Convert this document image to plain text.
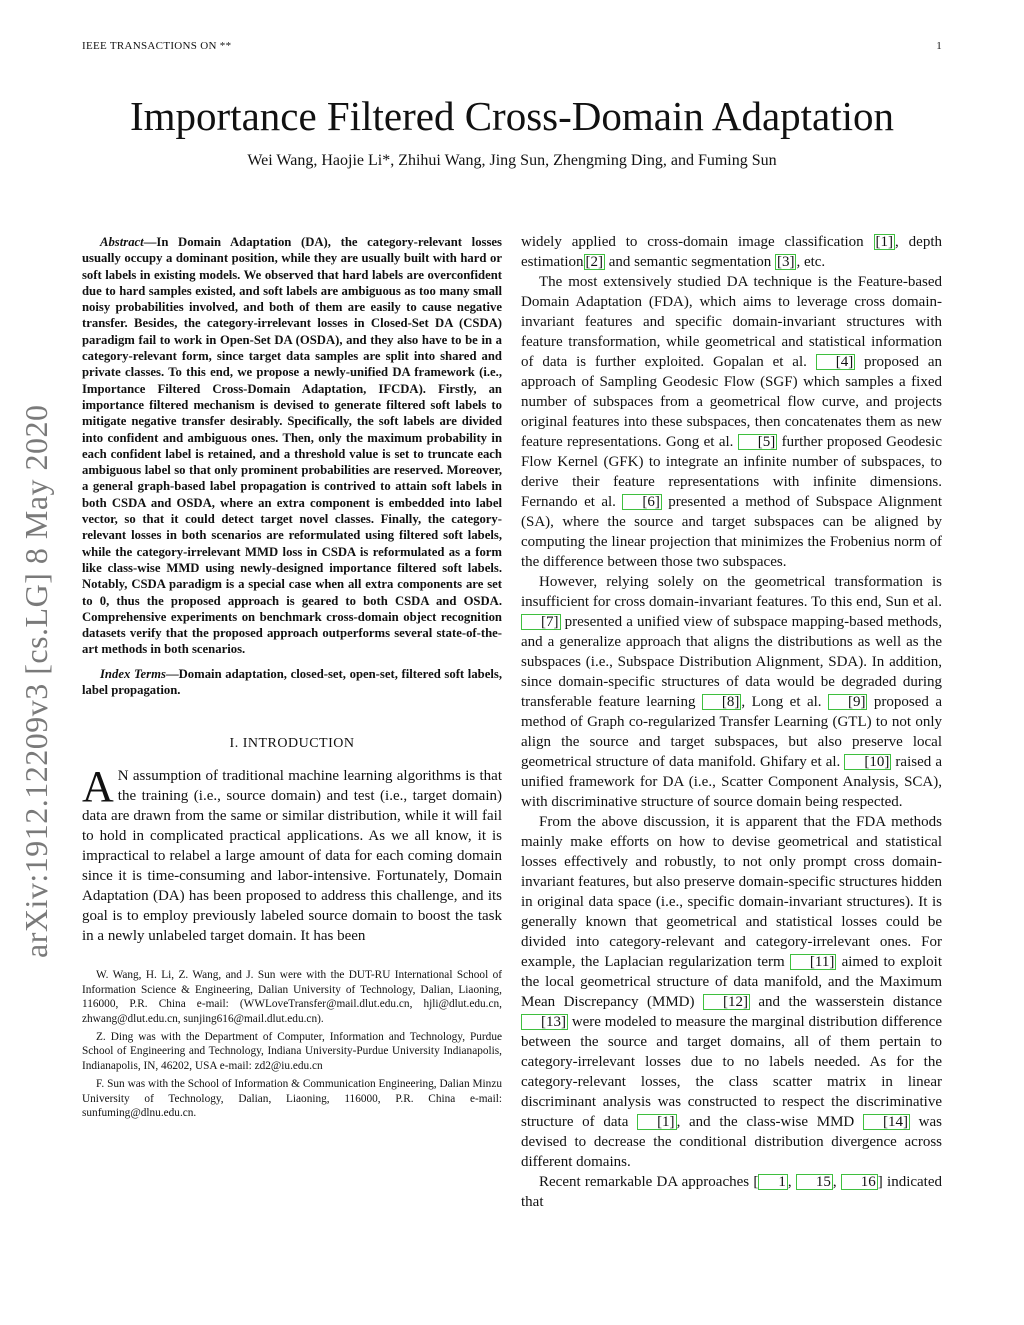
IEEE TRANSACTIONS ON **	1
Importance Filtered Cross-Domain Adaptation
Wei Wang, Haojie Li*, Zhihui Wang, Jing Sun, Zhengming Ding, and Fuming Sun
arXiv:1912.12209v3 [cs.LG] 8 May 2020

Abstract—In Domain Adaptation (DA), the category-relevant losses usually occupy a dominant position, while they are usually built with hard or soft labels in existing models. We observed that hard labels are overconfident due to hard samples existed, and soft labels are ambiguous as too many small noisy probabilities involved, and both of them are easily to cause negative transfer. Besides, the category-irrelevant losses in Closed-Set DA (CSDA) paradigm fail to work in Open-Set DA (OSDA), and they also have to be in a category-relevant form, since target data samples are split into shared and private classes. To this end, we propose a newly-unified DA framework (i.e., Importance Filtered Cross-Domain Adaptation, IFCDA). Firstly, an importance filtered mechanism is devised to generate filtered soft labels to mitigate negative transfer desirably. Specifically, the soft labels are divided into confident and ambiguous ones. Then, only the maximum probability in each confident label is retained, and a threshold value is set to truncate each ambiguous label so that only prominent probabilities are reserved. Moreover, a general graph-based label propagation is contrived to attain soft labels in both CSDA and OSDA, where an extra component is embedded into label vector, so that it could detect target novel classes. Finally, the category-relevant losses in both scenarios are reformulated using filtered soft labels, while the category-irrelevant MMD loss in CSDA is reformulated as a form like class-wise MMD using newly-designed importance filtered soft labels. Notably, CSDA paradigm is a special case when all extra components are set to 0, thus the proposed approach is geared to both CSDA and OSDA. Comprehensive experiments on benchmark cross-domain object recognition datasets verify that the proposed approach outperforms several state-of-the-art methods in both scenarios.

Index Terms—Domain adaptation, closed-set, open-set, filtered soft labels, label propagation.

I. INTRODUCTION

A N assumption of traditional machine learning algorithms is that the training (i.e., source domain) and test (i.e., target domain) data are drawn from the same or similar distribution, while it will fail to hold in complicated practical applications. As we all know, it is impractical to relabel a large amount of data for each coming domain since it is time-consuming and labor-intensive. Fortunately, Domain Adaptation (DA) has been proposed to address this challenge, and its goal is to employ previously labeled source domain to boost the task in a newly unlabeled target domain. It has been

W. Wang, H. Li, Z. Wang, and J. Sun were with the DUT-RU International School of Information Science & Engineering, Dalian University of Technology, Dalian, Liaoning, 116000, P.R. China e-mail: (WWLoveTransfer@mail.dlut.edu.cn, hjli@dlut.edu.cn, zhwang@dlut.edu.cn, sunjing616@mail.dlut.edu.cn).

Z. Ding was with the Department of Computer, Information and Technology, Purdue School of Engineering and Technology, Indiana University-Purdue University Indianapolis, Indianapolis, IN, 46202, USA e-mail: zd2@iu.edu.cn

F. Sun was with the School of Information & Communication Engineering, Dalian Minzu University of Technology, Dalian, Liaoning, 116000, P.R. China e-mail: sunfuming@dlnu.edu.cn.

widely applied to cross-domain image classification [1] , depth estimation [2] and semantic segmentation [3] , etc.

The most extensively studied DA technique is the Feature-based Domain Adaptation (FDA), which aims to leverage cross domain-invariant features and specific domain-invariant structures with feature transformation, while geometrical and statistical information of data is further exploited. Gopalan et al. [4] proposed an approach of Sampling Geodesic Flow (SGF) which samples a fixed number of subspaces from a geometrical flow curve, and projects original features into these subspaces, then concatenates them as new feature representations. Gong et al. [5] further proposed Geodesic Flow Kernel (GFK) to integrate an infinite number of subspaces, to derive their feature representations with infinite dimensions. Fernando et al. [6] presented a method of Subspace Alignment (SA), where the source and target subspaces can be aligned by computing the linear projection that minimizes the Frobenius norm of the difference between those two subspaces.

However, relying solely on the geometrical transformation is insufficient for cross domain-invariant features. To this end, Sun et al. [7] presented a unified view of subspace mapping-based methods, and a generalize approach that aligns the distributions as well as the subspaces (i.e., Subspace Distribution Alignment, SDA). In addition, since domain-specific structures of data would be degraded during transferable feature learning [8] , Long et al. [9] proposed a method of Graph co-regularized Transfer Learning (GTL) to not only align the source and target subspaces, but also preserve local geometrical structure of data manifold. Ghifary et al. [10] raised a unified framework for DA (i.e., Scatter Component Analysis, SCA), with discriminative structure of source domain being respected.

From the above discussion, it is apparent that the FDA methods mainly make efforts on how to devise geometrical and statistical losses effectively and robustly, to not only prompt cross domain-invariant features, but also preserve domain-specific structures hidden in original data space (i.e., specific domain-invariant structures). It is generally known that geometrical and statistical losses could be divided into category-relevant and category-irrelevant ones. For example, the Laplacian regularization term [11] aimed to exploit the local geometrical structure of data manifold, and the Maximum Mean Discrepancy (MMD) [12] and the wasserstein distance [13] were modeled to measure the marginal distribution difference between the source and target domains, all of them pertain to category-irrelevant losses due to no labels needed. As for the category-relevant losses, the class scatter matrix in linear discriminant analysis was constructed to respect the discriminative structure of data [1] , and the class-wise MMD [14] was devised to decrease the conditional distribution divergence across different domains.

Recent remarkable DA approaches [ 1 , 15 , 16 ] indicated that
